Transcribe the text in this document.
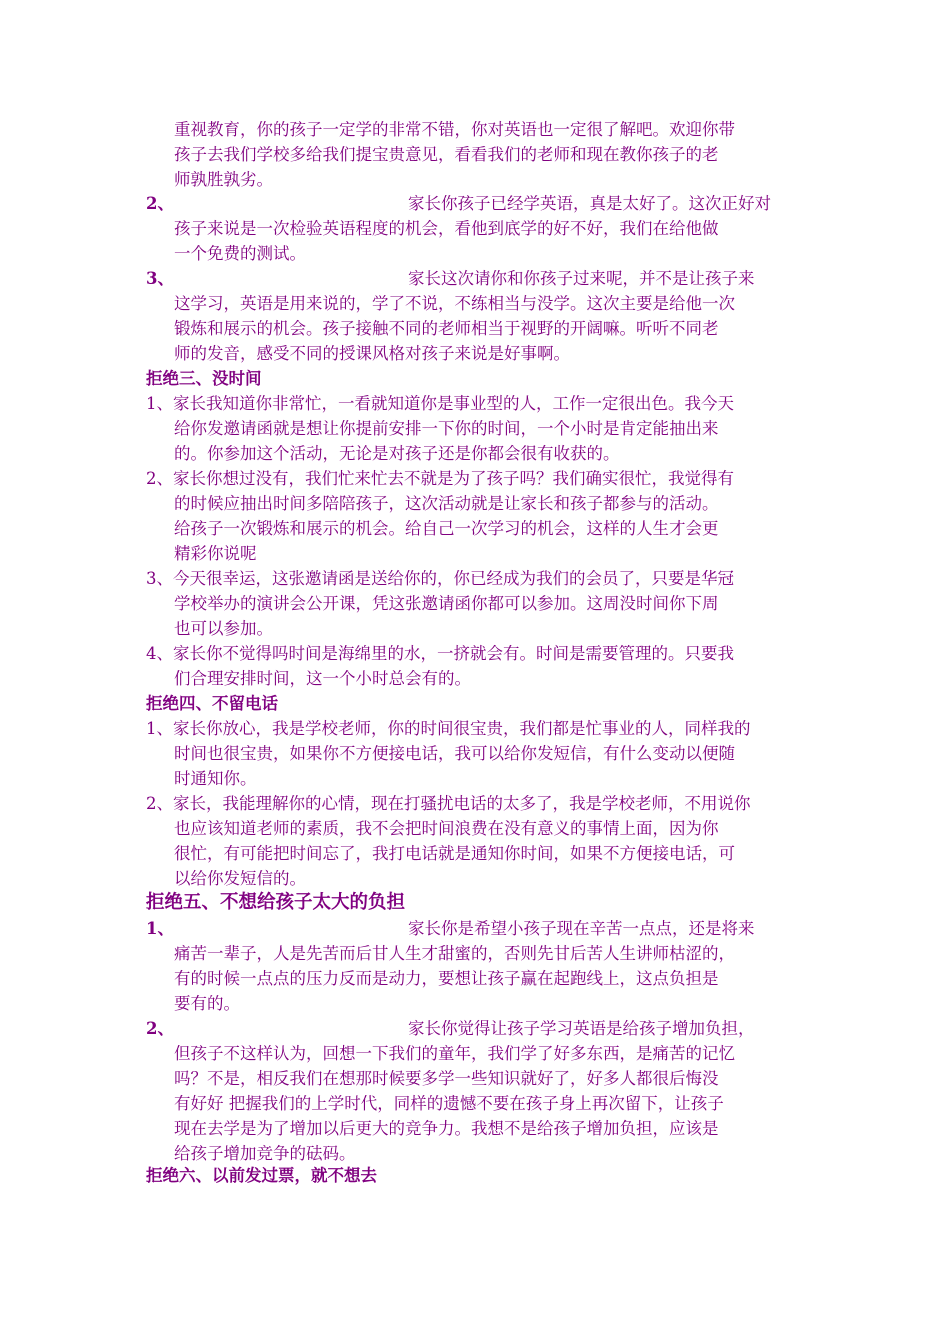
重视教育，你的孩子一定学的非常不错，你对英语也一定很了解吧。欢迎你带
孩子去我们学校多给我们提宝贵意见，看看我们的老师和现在教你孩子的老
师孰胜孰劣。
2、	家长你孩子已经学英语，真是太好了。这次正好对
孩子来说是一次检验英语程度的机会，看他到底学的好不好，我们在给他做
一个免费的测试。
3、	家长这次请你和你孩子过来呢，并不是让孩子来
这学习，英语是用来说的，学了不说，不练相当与没学。这次主要是给他一次
锻炼和展示的机会。孩子接触不同的老师相当于视野的开阔嘛。听听不同老
师的发音，感受不同的授课风格对孩子来说是好事啊。
拒绝三、没时间
1、家长我知道你非常忙，一看就知道你是事业型的人，工作一定很出色。我今天
给你发邀请函就是想让你提前安排一下你的时间，一个小时是肯定能抽出来
的。你参加这个活动，无论是对孩子还是你都会很有收获的。
2、家长你想过没有，我们忙来忙去不就是为了孩子吗？我们确实很忙，我觉得有
的时候应抽出时间多陪陪孩子，这次活动就是让家长和孩子都参与的活动。
给孩子一次锻炼和展示的机会。给自己一次学习的机会，这样的人生才会更
精彩你说呢
3、今天很幸运，这张邀请函是送给你的，你已经成为我们的会员了，只要是华冠
学校举办的演讲会公开课，凭这张邀请函你都可以参加。这周没时间你下周
也可以参加。
4、家长你不觉得吗时间是海绵里的水，一挤就会有。时间是需要管理的。只要我
们合理安排时间，这一个小时总会有的。
拒绝四、不留电话
1、家长你放心，我是学校老师，你的时间很宝贵，我们都是忙事业的人，同样我的
时间也很宝贵，如果你不方便接电话，我可以给你发短信，有什么变动以便随
时通知你。
2、家长，我能理解你的心情，现在打骚扰电话的太多了，我是学校老师，不用说你
也应该知道老师的素质，我不会把时间浪费在没有意义的事情上面，因为你
很忙，有可能把时间忘了，我打电话就是通知你时间，如果不方便接电话，可
以给你发短信的。
拒绝五、不想给孩子太大的负担
1、	家长你是希望小孩子现在辛苦一点点，还是将来
痛苦一辈子，人是先苦而后甘人生才甜蜜的，否则先甘后苦人生讲师枯涩的，
有的时候一点点的压力反而是动力，要想让孩子赢在起跑线上，这点负担是
要有的。
2、	家长你觉得让孩子学习英语是给孩子增加负担，
但孩子不这样认为，回想一下我们的童年，我们学了好多东西，是痛苦的记忆
吗？不是，相反我们在想那时候要多学一些知识就好了，好多人都很后悔没
有好好 把握我们的上学时代，同样的遗憾不要在孩子身上再次留下，让孩子
现在去学是为了增加以后更大的竞争力。我想不是给孩子增加负担，应该是
给孩子增加竞争的砝码。
拒绝六、以前发过票，就不想去
